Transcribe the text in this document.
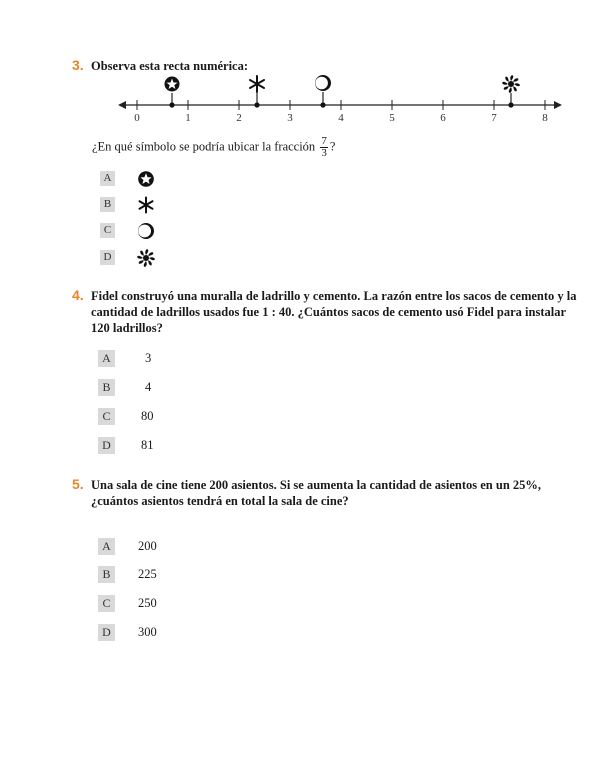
3. Observa esta recta numérica:
0	1	2	3	4	5	6	7	8
¿En qué símbolo se podría ubicar la fracción $\frac{7}{3}$ ?
A
B
C
D
4. Fidel construyó una muralla de ladrillo y cemento. La razón entre los sacos de cemento y la
cantidad de ladrillos usados fue 1 : 40. ¿Cuántos sacos de cemento usó Fidel para instalar
120 ladrillos?
A	3
B	4
C	80
D	81
5. Una sala de cine tiene 200 asientos. Si se aumenta la cantidad de asientos en un 25%,
¿cuántos asientos tendrá en total la sala de cine?
A	200
B	225
C	250
D	300
